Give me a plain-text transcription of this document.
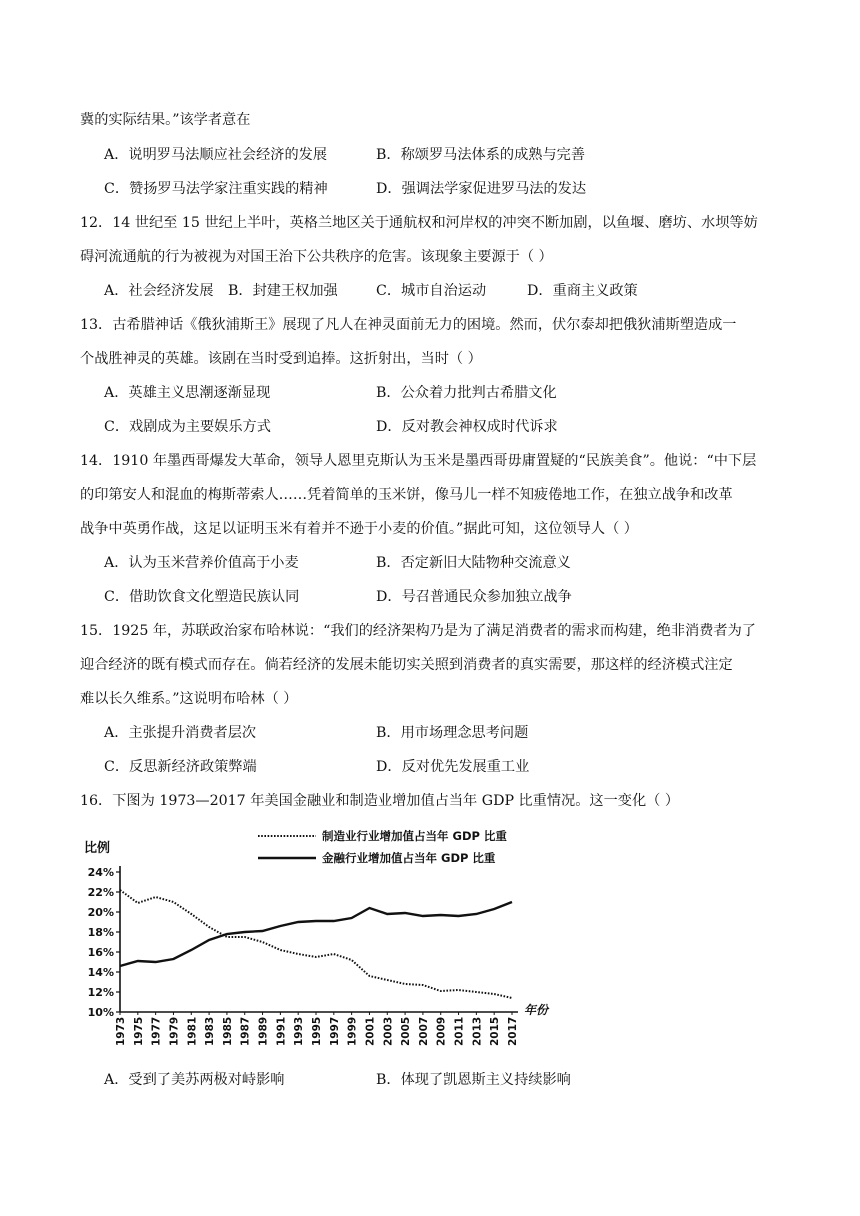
冀的实际结果。”该学者意在
A．说明罗马法顺应社会经济的发展	B．称颂罗马法体系的成熟与完善
C．赞扬罗马法学家注重实践的精神	D．强调法学家促进罗马法的发达
12．14 世纪至 15 世纪上半叶，英格兰地区关于通航权和河岸权的冲突不断加剧，以鱼堰、磨坊、水坝等妨
碍河流通航的行为被视为对国王治下公共秩序的危害。该现象主要源于（ ）
A．社会经济发展 B．封建王权加强	C．城市自治运动	D．重商主义政策
13．古希腊神话《俄狄浦斯王》展现了凡人在神灵面前无力的困境。然而，伏尔泰却把俄狄浦斯塑造成一
个战胜神灵的英雄。该剧在当时受到追捧。这折射出，当时（ ）
A．英雄主义思潮逐渐显现	B．公众着力批判古希腊文化
C．戏剧成为主要娱乐方式	D．反对教会神权成时代诉求
14．1910 年墨西哥爆发大革命，领导人恩里克斯认为玉米是墨西哥毋庸置疑的“民族美食”。他说：“中下层
的印第安人和混血的梅斯蒂索人……凭着简单的玉米饼，像马儿一样不知疲倦地工作，在独立战争和改革
战争中英勇作战，这足以证明玉米有着并不逊于小麦的价值。”据此可知，这位领导人（ ）
A．认为玉米营养价值高于小麦	B．否定新旧大陆物种交流意义
C．借助饮食文化塑造民族认同	D．号召普通民众参加独立战争
15．1925 年，苏联政治家布哈林说：“我们的经济架构乃是为了满足消费者的需求而构建，绝非消费者为了
迎合经济的既有模式而存在。倘若经济的发展未能切实关照到消费者的真实需要，那这样的经济模式注定
难以长久维系。”这说明布哈林（ ）
A．主张提升消费者层次	B．用市场理念思考问题
C．反思新经济政策弊端	D．反对优先发展重工业
16．下图为 1973—2017 年美国金融业和制造业增加值占当年 GDP 比重情况。这一变化（ ）
24%
22%
20%
18%
16%
14%
12%
10%
1973 1975 1977 1979 1981 1983 1985 1987 1989 1991 1993 1995 1997 1999 2001 2003 2005 2007 2009 2011 2013 2015 2017
制造业行业增加值占当年 GDP 比重
金融行业增加值占当年 GDP 比重
比例
年份
A．受到了美苏两极对峙影响	B．体现了凯恩斯主义持续影响
